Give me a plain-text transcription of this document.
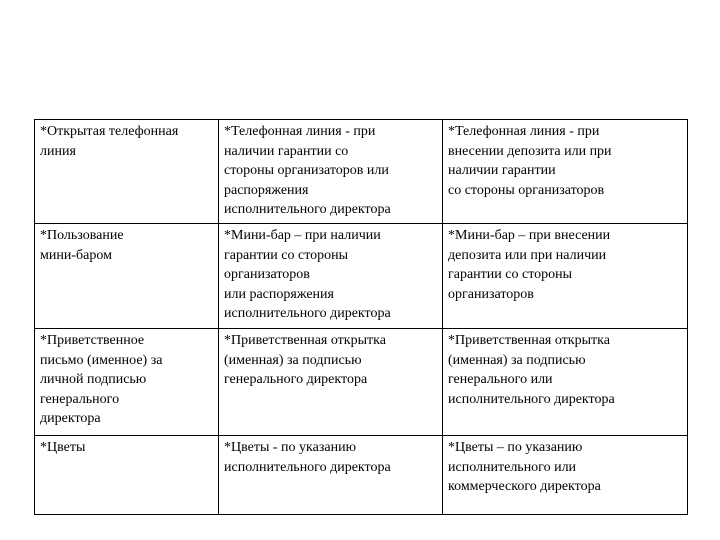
*Открытая телефонная
линия	*Телефонная линия - при
наличии гарантии со
стороны организаторов или
распоряжения
исполнительного директора	*Телефонная линия - при
внесении депозита или при
наличии гарантии
со стороны организаторов
*Пользование
мини-баром	*Мини-бар – при наличии
гарантии со стороны
организаторов
или распоряжения
исполнительного директора	*Мини-бар – при внесении
депозита или при наличии
гарантии со стороны
организаторов
*Приветственное
письмо (именное) за
личной подписью
генерального
директора	*Приветственная открытка
(именная) за подписью
генерального директора	*Приветственная открытка
(именная) за подписью
генерального или
исполнительного директора
*Цветы	*Цветы - по указанию
исполнительного директора	*Цветы – по указанию
исполнительного или
коммерческого директора
